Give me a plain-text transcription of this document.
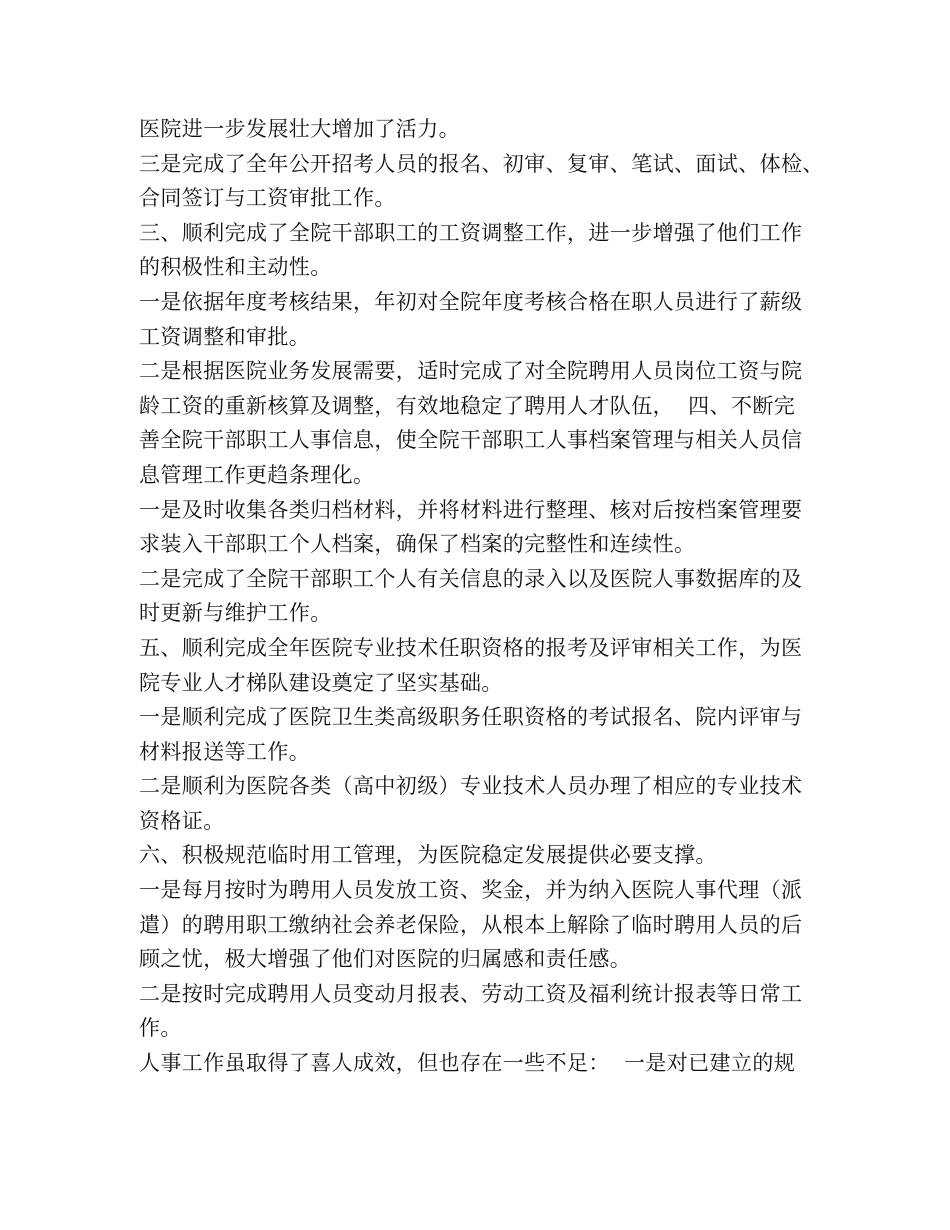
医院进一步发展壮大增加了活力。
三是完成了全年公开招考人员的报名、初审、复审、笔试、面试、体检、
合同签订与工资审批工作。
三、顺利完成了全院干部职工的工资调整工作，进一步增强了他们工作
的积极性和主动性。
一是依据年度考核结果，年初对全院年度考核合格在职人员进行了薪级
工资调整和审批。
二是根据医院业务发展需要，适时完成了对全院聘用人员岗位工资与院
龄工资的重新核算及调整，有效地稳定了聘用人才队伍，  四、不断完
善全院干部职工人事信息，使全院干部职工人事档案管理与相关人员信
息管理工作更趋条理化。
一是及时收集各类归档材料，并将材料进行整理、核对后按档案管理要
求装入干部职工个人档案，确保了档案的完整性和连续性。
二是完成了全院干部职工个人有关信息的录入以及医院人事数据库的及
时更新与维护工作。
五、顺利完成全年医院专业技术任职资格的报考及评审相关工作，为医
院专业人才梯队建设奠定了坚实基础。
一是顺利完成了医院卫生类高级职务任职资格的考试报名、院内评审与
材料报送等工作。
二是顺利为医院各类（高中初级）专业技术人员办理了相应的专业技术
资格证。
六、积极规范临时用工管理，为医院稳定发展提供必要支撑。
一是每月按时为聘用人员发放工资、奖金，并为纳入医院人事代理（派
遣）的聘用职工缴纳社会养老保险，从根本上解除了临时聘用人员的后
顾之忧，极大增强了他们对医院的归属感和责任感。
二是按时完成聘用人员变动月报表、劳动工资及福利统计报表等日常工
作。
人事工作虽取得了喜人成效，但也存在一些不足：  一是对已建立的规
